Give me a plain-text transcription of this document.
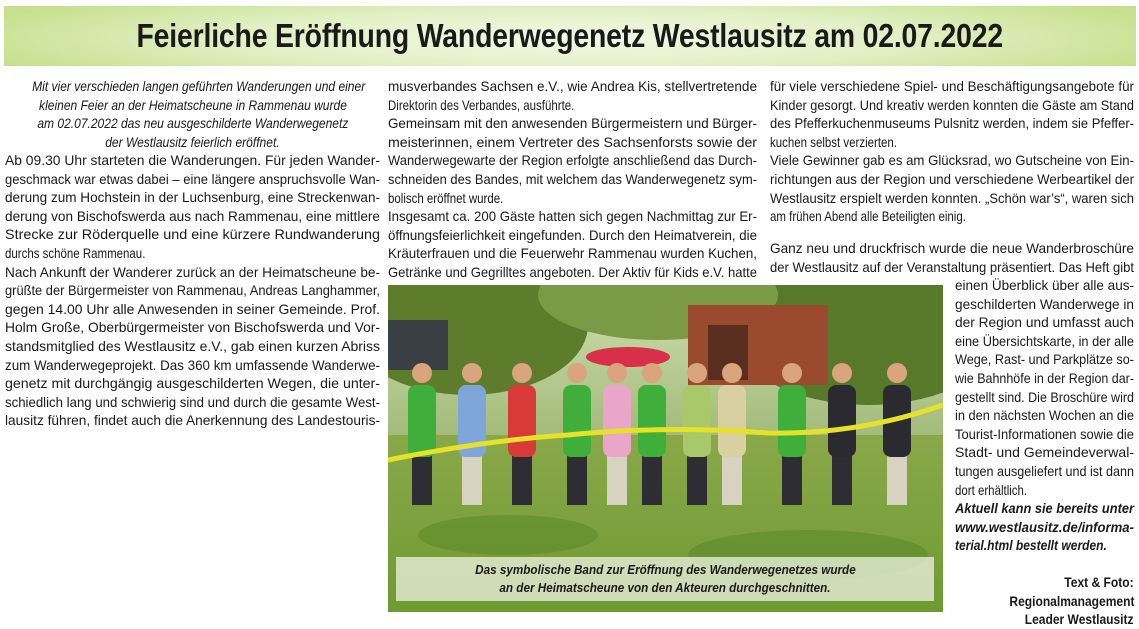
Feierliche Eröffnung Wanderwegenetz Westlausitz am 02.07.2022
Mit vier verschieden langen geführten Wanderungen und einer
kleinen Feier an der Heimatscheune in Rammenau wurde
am 02.07.2022 das neu ausgeschilderte Wanderwegenetz
der Westlausitz feierlich eröffnet.
Ab 09.30 Uhr starteten die Wanderungen. Für jeden Wander-
geschmack war etwas dabei – eine längere anspruchsvolle Wan-
derung zum Hochstein in der Luchsenburg, eine Streckenwan-
derung von Bischofswerda aus nach Rammenau, eine mittlere
Strecke zur Röderquelle und eine kürzere Rundwanderung
durchs schöne Rammenau.
Nach Ankunft der Wanderer zurück an der Heimatscheune be-
grüßte der Bürgermeister von Rammenau, Andreas Langhammer,
gegen 14.00 Uhr alle Anwesenden in seiner Gemeinde. Prof.
Holm Große, Oberbürgermeister von Bischofswerda und Vor-
standsmitglied des Westlausitz e.V., gab einen kurzen Abriss
zum Wanderwegeprojekt. Das 360 km umfassende Wanderwe-
genetz mit durchgängig ausgeschilderten Wegen, die unter-
schiedlich lang und schwierig sind und durch die gesamte West-
lausitz führen, findet auch die Anerkennung des Landestouris-
musverbandes Sachsen e.V., wie Andrea Kis, stellvertretende
Direktorin des Verbandes, ausführte.
Gemeinsam mit den anwesenden Bürgermeistern und Bürger-
meisterinnen, einem Vertreter des Sachsenforsts sowie der
Wanderwegewarte der Region erfolgte anschließend das Durch-
schneiden des Bandes, mit welchem das Wanderwegenetz sym-
bolisch eröffnet wurde.
Insgesamt ca. 200 Gäste hatten sich gegen Nachmittag zur Er-
öffnungsfeierlichkeit eingefunden. Durch den Heimatverein, die
Kräuterfrauen und die Feuerwehr Rammenau wurden Kuchen,
Getränke und Gegrilltes angeboten. Der Aktiv für Kids e.V. hatte
für viele verschiedene Spiel- und Beschäftigungsangebote für
Kinder gesorgt. Und kreativ werden konnten die Gäste am Stand
des Pfefferkuchenmuseums Pulsnitz werden, indem sie Pfeffer-
kuchen selbst verzierten.
Viele Gewinner gab es am Glücksrad, wo Gutscheine von Ein-
richtungen aus der Region und verschiedene Werbeartikel der
Westlausitz erspielt werden konnten. „Schön war’s“, waren sich
am frühen Abend alle Beteiligten einig.
Ganz neu und druckfrisch wurde die neue Wanderbroschüre
der Westlausitz auf der Veranstaltung präsentiert. Das Heft gibt
einen Überblick über alle aus-
geschilderten Wanderwege in
der Region und umfasst auch
eine Übersichtskarte, in der alle
Wege, Rast- und Parkplätze so-
wie Bahnhöfe in der Region dar-
gestellt sind. Die Broschüre wird
in den nächsten Wochen an die
Tourist-Informationen sowie die
Stadt- und Gemeindeverwal-
tungen ausgeliefert und ist dann
dort erhältlich.
Aktuell kann sie bereits unter
www.westlausitz.de/informa-
terial.html bestellt werden.
Text & Foto:
Regionalmanagement
Leader Westlausitz
Das symbolische Band zur Eröffnung des Wanderwegenetzes wurde
an der Heimatscheune von den Akteuren durchgeschnitten.
